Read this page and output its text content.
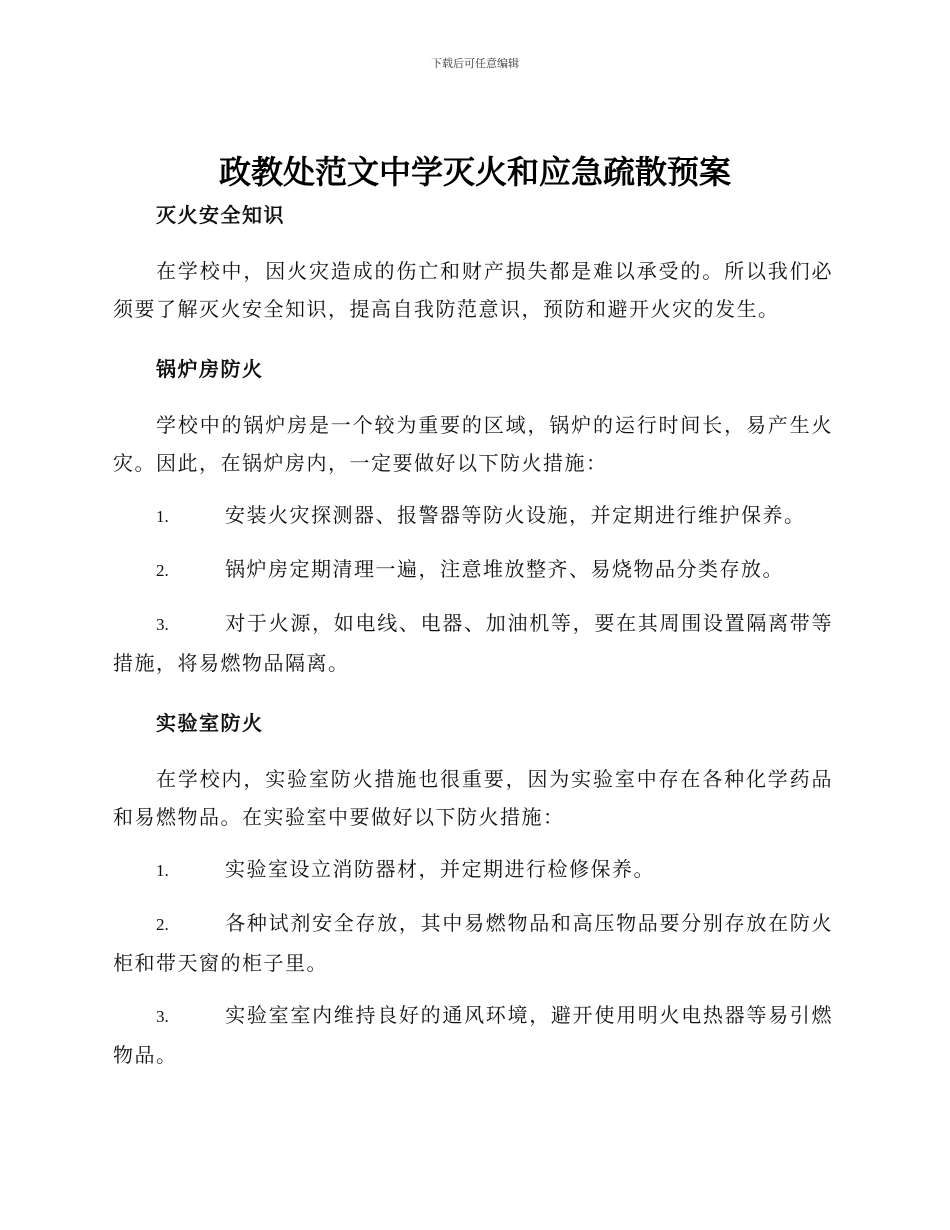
下载后可任意编辑
政教处范文中学灭火和应急疏散预案

灭火安全知识

在学校中，因火灾造成的伤亡和财产损失都是难以承受的。所以我们必须要了解灭火安全知识，提高自我防范意识，预防和避开火灾的发生。

锅炉房防火

学校中的锅炉房是一个较为重要的区域，锅炉的运行时间长，易产生火灾。因此，在锅炉房内，一定要做好以下防火措施：

1.	安装火灾探测器、报警器等防火设施，并定期进行维护保养。

2.	锅炉房定期清理一遍，注意堆放整齐、易烧物品分类存放。

3.	对于火源，如电线、电器、加油机等，要在其周围设置隔离带等措施，将易燃物品隔离。

实验室防火

在学校内，实验室防火措施也很重要，因为实验室中存在各种化学药品和易燃物品。在实验室中要做好以下防火措施：

1.	实验室设立消防器材，并定期进行检修保养。

2.	各种试剂安全存放，其中易燃物品和高压物品要分别存放在防火柜和带天窗的柜子里。

3.	实验室室内维持良好的通风环境，避开使用明火电热器等易引燃物品。
